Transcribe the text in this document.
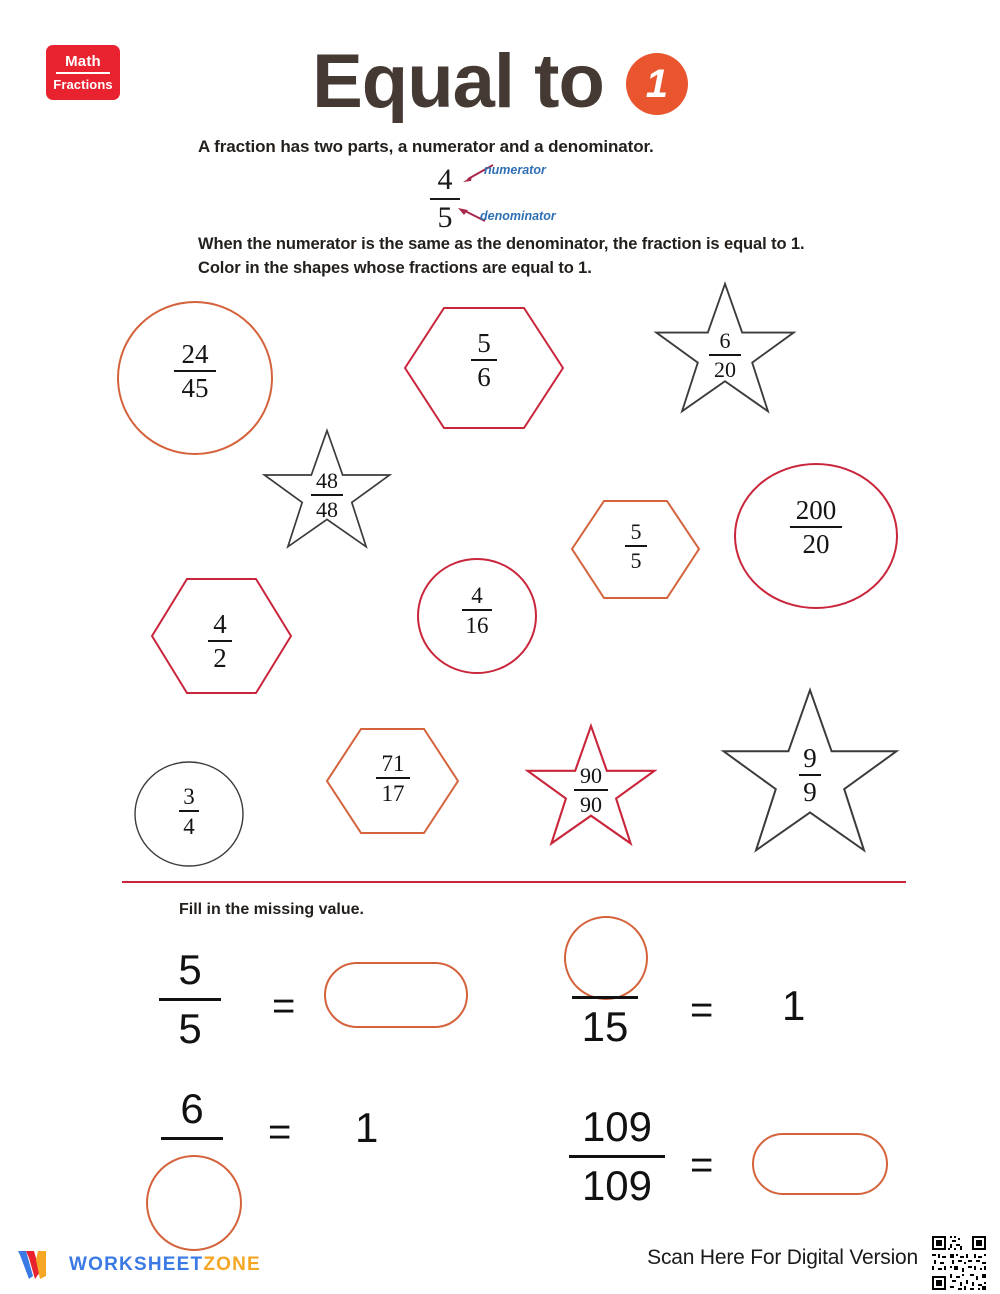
Math
Fractions	Equal to	1
A fraction has two parts, a numerator and a denominator.
4
5
numerator
denominator
When the numerator is the same as the denominator, the fraction is equal to 1.
Color in the shapes whose fractions are equal to 1.
24
45
5
6
6
20
48
48
5
5
200
20
4
2
4
16
3
4
71
17
90
90
9
9
Fill in the missing value.
5
5	=	15	= 1
6	= 1	109
109 =
WORKSHEETZONE	Scan Here For Digital Version
